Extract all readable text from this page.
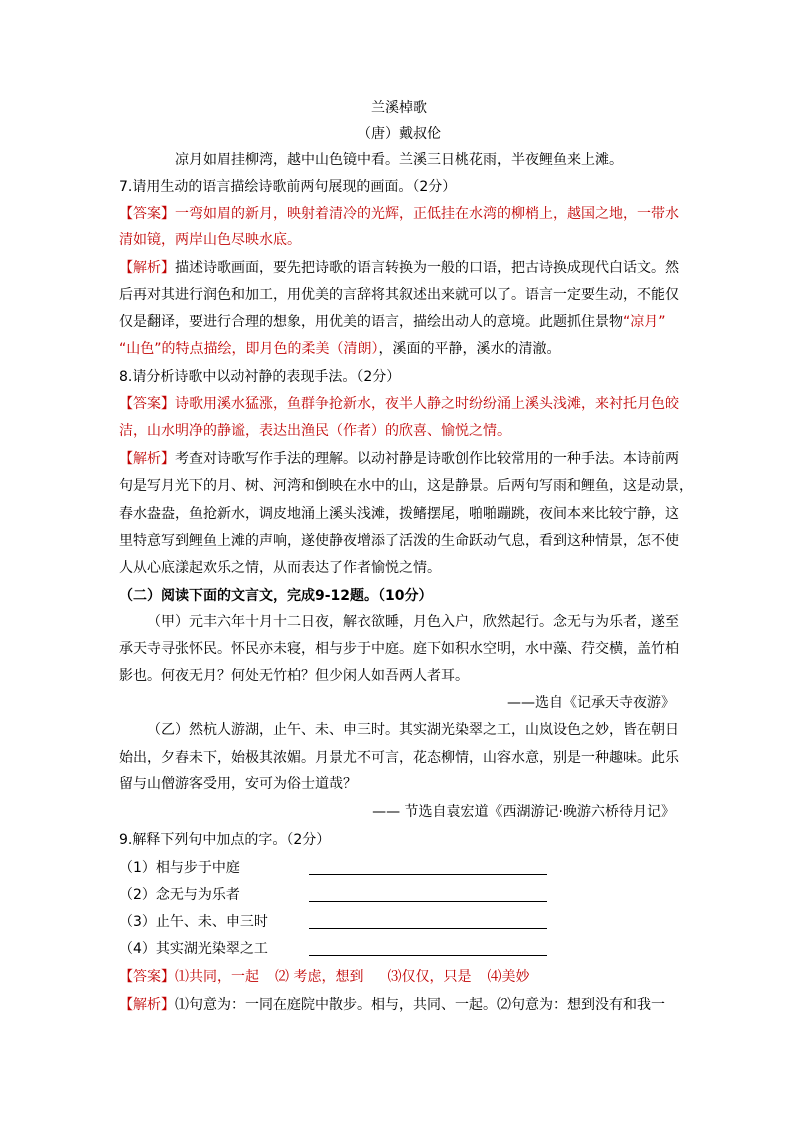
兰溪棹歌
（唐）戴叔伦
凉月如眉挂柳湾，越中山色镜中看。兰溪三日桃花雨，半夜鲤鱼来上滩。
7.请用生动的语言描绘诗歌前两句展现的画面。（2分）
【答案】一弯如眉的新月，映射着清冷的光辉，正低挂在水湾的柳梢上，越国之地，一带水
清如镜，两岸山色尽映水底。
【解析】描述诗歌画面，要先把诗歌的语言转换为一般的口语，把古诗换成现代白话文。然
后再对其进行润色和加工，用优美的言辞将其叙述出来就可以了。语言一定要生动，不能仅
仅是翻译，要进行合理的想象，用优美的语言，描绘出动人的意境。此题抓住景物“凉月”
“山色”的特点描绘，即月色的柔美（清朗），溪面的平静，溪水的清澈。
8.请分析诗歌中以动衬静的表现手法。（2分）
【答案】诗歌用溪水猛涨，鱼群争抢新水，夜半人静之时纷纷涌上溪头浅滩，来衬托月色皎
洁，山水明净的静谧，表达出渔民（作者）的欣喜、愉悦之情。
【解析】考查对诗歌写作手法的理解。以动衬静是诗歌创作比较常用的一种手法。本诗前两
句是写月光下的月、树、河湾和倒映在水中的山，这是静景。后两句写雨和鲤鱼，这是动景，
春水盎盎，鱼抢新水，调皮地涌上溪头浅滩，拨鳍摆尾，啪啪蹦跳，夜间本来比较宁静，这
里特意写到鲤鱼上滩的声响，遂使静夜增添了活泼的生命跃动气息，看到这种情景，怎不使
人从心底漾起欢乐之情，从而表达了作者愉悦之情。
（二）阅读下面的文言文，完成9-12题。（10分）
（甲）元丰六年十月十二日夜，解衣欲睡，月色入户，欣然起行。念无与为乐者，遂至
承天寺寻张怀民。怀民亦未寝，相与步于中庭。庭下如积水空明，水中藻、荇交横，盖竹柏
影也。何夜无月？何处无竹柏？但少闲人如吾两人者耳。
——选自《记承天寺夜游》
（乙）然杭人游湖，止午、未、申三时。其实湖光染翠之工，山岚设色之妙，皆在朝日
始出，夕舂未下，始极其浓媚。月景尤不可言，花态柳情，山容水意，别是一种趣味。此乐
留与山僧游客受用，安可为俗士道哉？
—— 节选自袁宏道《西湖游记·晚游六桥待月记》
9.解释下列句中加点的字。（2分）
（1）相与步于中庭
（2）念无与为乐者
（3）止午、未、申三时
（4）其实湖光染翠之工
【答案】⑴共同，一起 ⑵ 考虑，想到 ⑶仅仅，只是 ⑷美妙
【解析】⑴句意为：一同在庭院中散步。相与，共同、一起。⑵句意为：想到没有和我一
